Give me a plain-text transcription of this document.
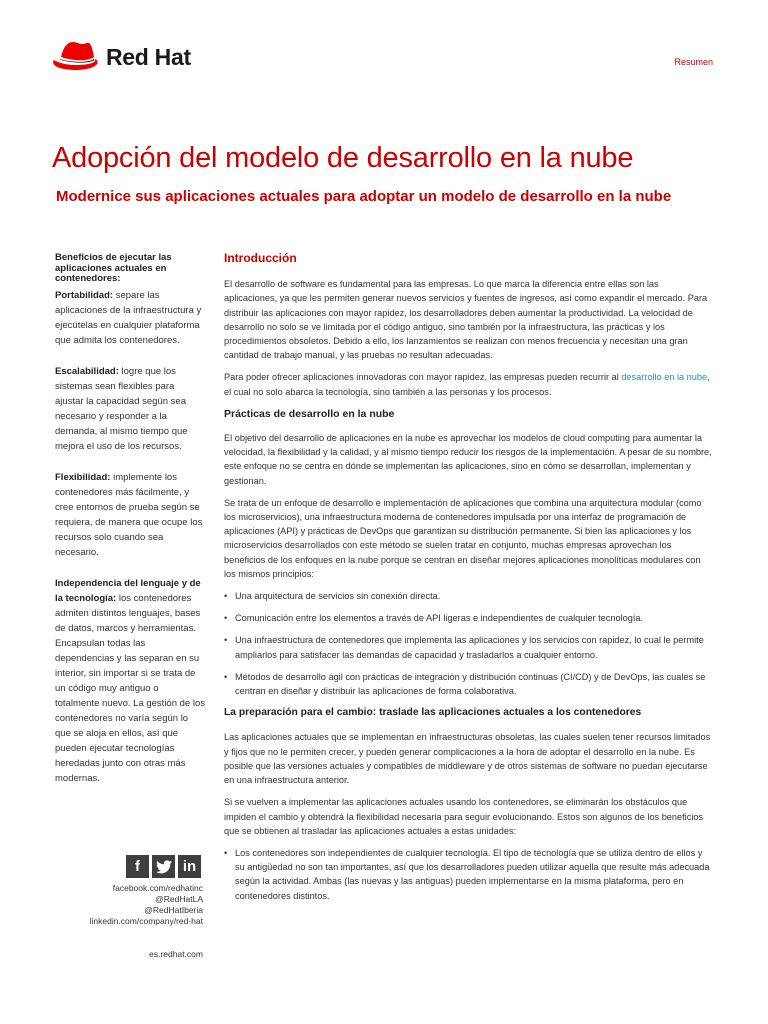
Red Hat	Resumen
Adopción del modelo de desarrollo en la nube
Modernice sus aplicaciones actuales para adoptar un modelo de desarrollo en la nube
Beneficios de ejecutar las aplicaciones actuales en contenedores:
Portabilidad: separe las aplicaciones de la infraestructura y ejecútelas en cualquier plataforma que admita los contenedores.
Escalabilidad: logre que los sistemas sean flexibles para ajustar la capacidad según sea necesario y responder a la demanda, al mismo tiempo que mejora el uso de los recursos.
Flexibilidad: implemente los contenedores más fácilmente, y cree entornos de prueba según se requiera, de manera que ocupe los recursos solo cuando sea necesario.
Independencia del lenguaje y de la tecnología: los contenedores admiten distintos lenguajes, bases de datos, marcos y herramientas. Encapsulan todas las dependencias y las separan en su interior, sin importar si se trata de un código muy antiguo o totalmente nuevo. La gestión de los contenedores no varía según lo que se aloja en ellos, así que pueden ejecutar tecnologías heredadas junto con otras más modernas.
f	in
facebook.com/redhatinc
@RedHatLA
@RedHatIberia
linkedin.com/company/red-hat
es.redhat.com
Introducción

El desarrollo de software es fundamental para las empresas. Lo que marca la diferencia entre ellas son las aplicaciones, ya que les permiten generar nuevos servicios y fuentes de ingresos, así como expandir el mercado. Para distribuir las aplicaciones con mayor rapidez, los desarrolladores deben aumentar la productividad. La velocidad de desarrollo no solo se ve limitada por el código antiguo, sino también por la infraestructura, las prácticas y los procedimientos obsoletos. Debido a ello, los lanzamientos se realizan con menos frecuencia y necesitan una gran cantidad de trabajo manual, y las pruebas no resultan adecuadas.

Para poder ofrecer aplicaciones innovadoras con mayor rapidez, las empresas pueden recurrir al desarrollo en la nube, el cual no solo abarca la tecnología, sino también a las personas y los procesos.

Prácticas de desarrollo en la nube

El objetivo del desarrollo de aplicaciones en la nube es aprovechar los modelos de cloud computing para aumentar la velocidad, la flexibilidad y la calidad, y al mismo tiempo reducir los riesgos de la implementación. A pesar de su nombre, este enfoque no se centra en dónde se implementan las aplicaciones, sino en cómo se desarrollan, implementan y gestionan.

Se trata de un enfoque de desarrollo e implementación de aplicaciones que combina una arquitectura modular (como los microservicios), una infraestructura moderna de contenedores impulsada por una interfaz de programación de aplicaciones (API) y prácticas de DevOps que garantizan su distribución permanente. Si bien las aplicaciones y los microservicios desarrollados con este método se suelen tratar en conjunto, muchas empresas aprovechan los beneficios de los enfoques en la nube porque se centran en diseñar mejores aplicaciones monolíticas modulares con los mismos principios:

• Una arquitectura de servicios sin conexión directa.
• Comunicación entre los elementos a través de API ligeras e independientes de cualquier tecnología.
• Una infraestructura de contenedores que implementa las aplicaciones y los servicios con rapidez, lo cual le permite ampliarlos para satisfacer las demandas de capacidad y trasladarlos a cualquier entorno.
• Métodos de desarrollo ágil con prácticas de integración y distribución continuas (CI/CD) y de DevOps, las cuales se centran en diseñar y distribuir las aplicaciones de forma colaborativa.
La preparación para el cambio: traslade las aplicaciones actuales a los contenedores

Las aplicaciones actuales que se implementan en infraestructuras obsoletas, las cuales suelen tener recursos limitados y fijos que no le permiten crecer, y pueden generar complicaciones a la hora de adoptar el desarrollo en la nube. Es posible que las versiones actuales y compatibles de middleware y de otros sistemas de software no puedan ejecutarse en una infraestructura anterior.

Si se vuelven a implementar las aplicaciones actuales usando los contenedores, se eliminarán los obstáculos que impiden el cambio y obtendrá la flexibilidad necesaria para seguir evolucionando. Estos son algunos de los beneficios que se obtienen al trasladar las aplicaciones actuales a estas unidades:

• Los contenedores son independientes de cualquier tecnología. El tipo de tecnología que se utiliza dentro de ellos y su antigüedad no son tan importantes, así que los desarrolladores pueden utilizar aquella que resulte más adecuada según la actividad. Ambas (las nuevas y las antiguas) pueden implementarse en la misma plataforma, pero en contenedores distintos.
